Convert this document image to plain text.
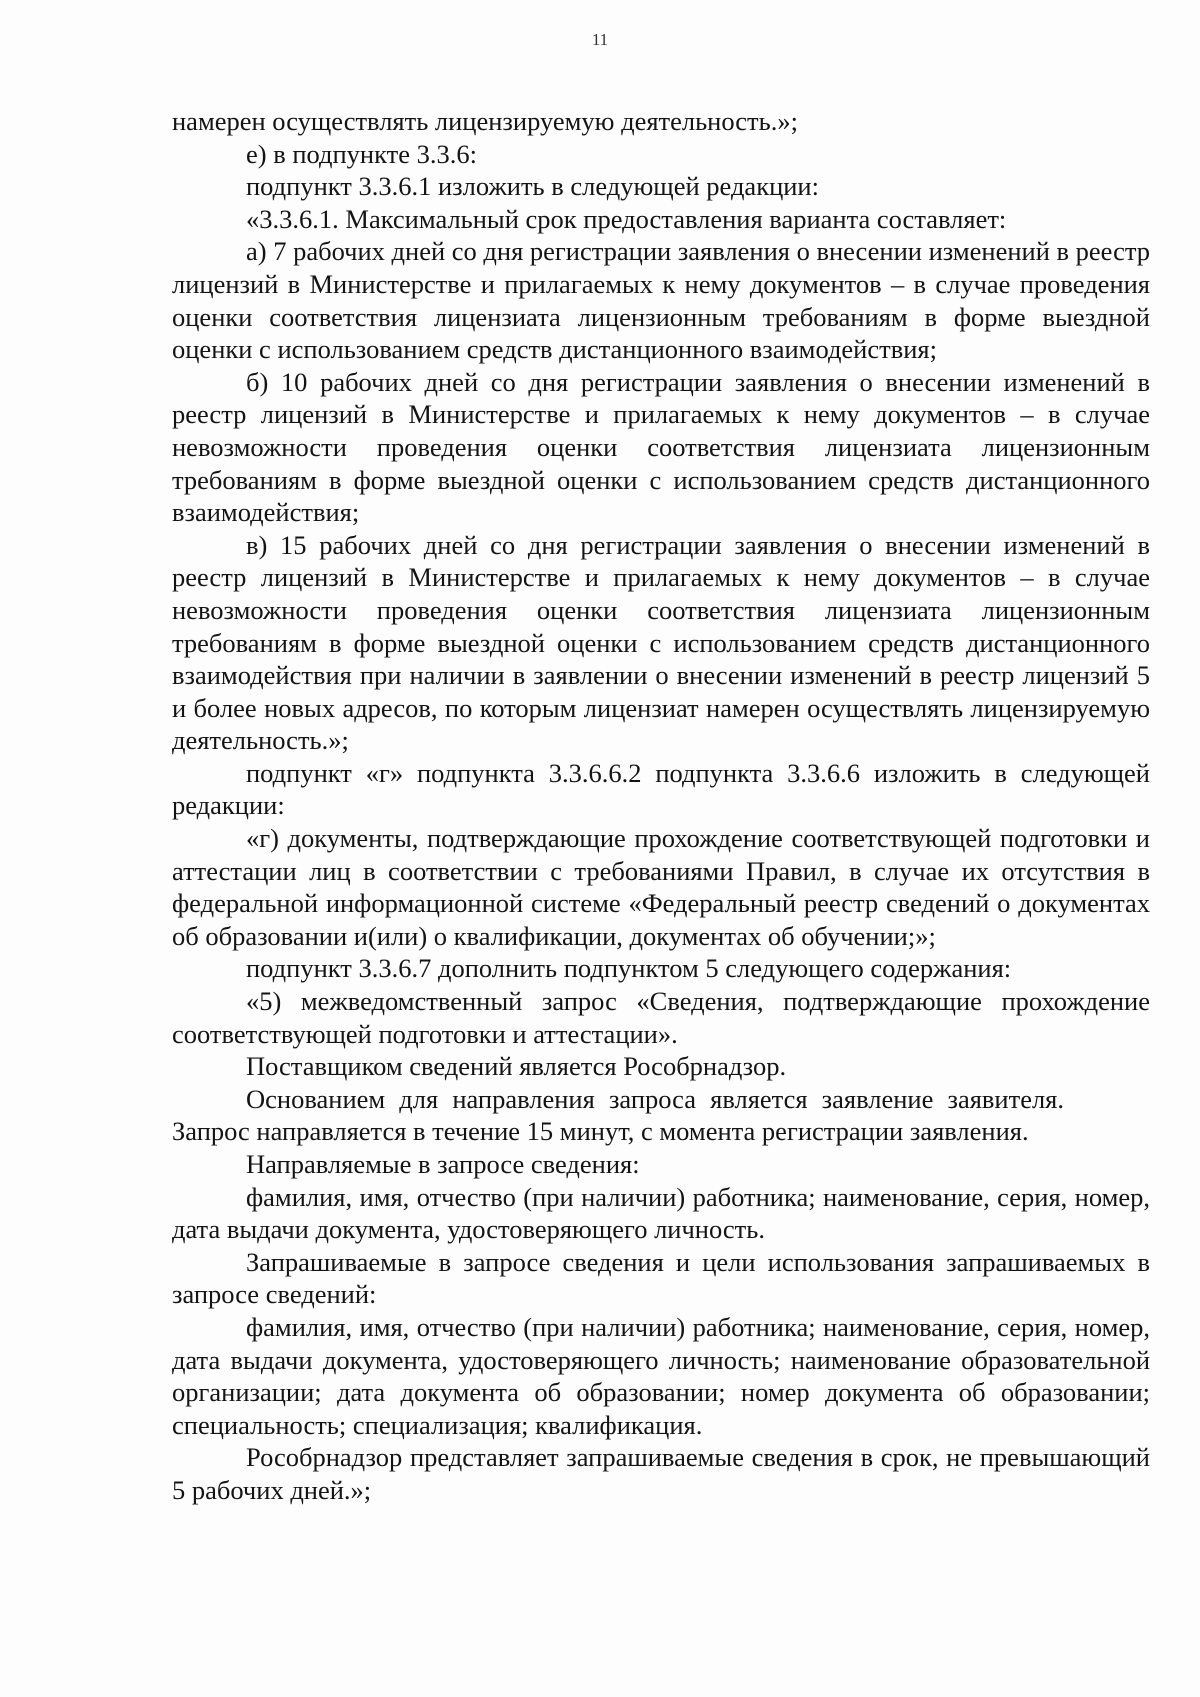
11

намерен осуществлять лицензируемую деятельность.»;

е) в подпункте 3.3.6:

подпункт 3.3.6.1 изложить в следующей редакции:

«3.3.6.1. Максимальный срок предоставления варианта составляет:

а) 7 рабочих дней со дня регистрации заявления о внесении изменений в реестр лицензий в Министерстве и прилагаемых к нему документов – в случае проведения оценки соответствия лицензиата лицензионным требованиям в форме выездной оценки с использованием средств дистанционного взаимодействия;

б) 10 рабочих дней со дня регистрации заявления о внесении изменений в реестр лицензий в Министерстве и прилагаемых к нему документов – в случае невозможности проведения оценки соответствия лицензиата лицензионным требованиям в форме выездной оценки с использованием средств дистанционного взаимодействия;

в) 15 рабочих дней со дня регистрации заявления о внесении изменений в реестр лицензий в Министерстве и прилагаемых к нему документов – в случае невозможности проведения оценки соответствия лицензиата лицензионным требованиям в форме выездной оценки с использованием средств дистанционного взаимодействия при наличии в заявлении о внесении изменений в реестр лицензий 5 и более новых адресов, по которым лицензиат намерен осуществлять лицензируемую деятельность.»;

подпункт «г» подпункта 3.3.6.6.2 подпункта 3.3.6.6 изложить в следующей редакции:

«г) документы, подтверждающие прохождение соответствующей подготовки и аттестации лиц в соответствии с требованиями Правил, в случае их отсутствия в федеральной информационной системе «Федеральный реестр сведений о документах об образовании и(или) о квалификации, документах об обучении;»;

подпункт 3.3.6.7 дополнить подпунктом 5 следующего содержания:

«5) межведомственный запрос «Сведения, подтверждающие прохождение соответствующей подготовки и аттестации».

Поставщиком сведений является Рособрнадзор.

Основанием для направления запроса является заявление заявителя. Запрос направляется в течение 15 минут, с момента регистрации заявления.

Направляемые в запросе сведения:

фамилия, имя, отчество (при наличии) работника; наименование, серия, номер, дата выдачи документа, удостоверяющего личность.

Запрашиваемые в запросе сведения и цели использования запрашиваемых в запросе сведений:

фамилия, имя, отчество (при наличии) работника; наименование, серия, номер, дата выдачи документа, удостоверяющего личность; наименование образовательной организации; дата документа об образовании; номер документа об образовании; специальность; специализация; квалификация.

Рособрнадзор представляет запрашиваемые сведения в срок, не превышающий 5 рабочих дней.»;
